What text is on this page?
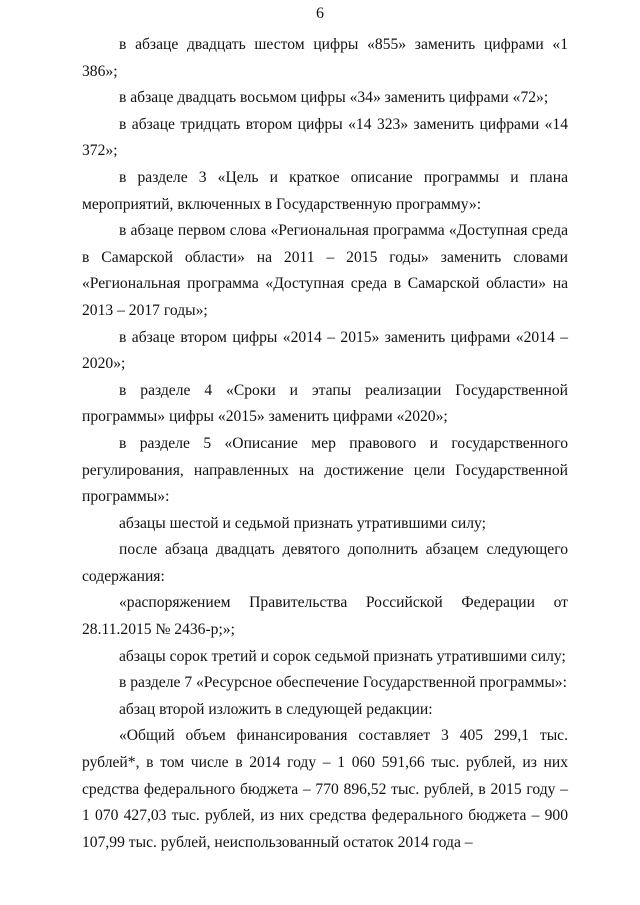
6

в абзаце двадцать шестом цифры «855» заменить цифрами «1 386»;

в абзаце двадцать восьмом цифры «34» заменить цифрами «72»;

в абзаце тридцать втором цифры «14 323» заменить цифрами «14 372»;

в разделе 3 «Цель и краткое описание программы и плана мероприятий, включенных в Государственную программу»:

в абзаце первом слова «Региональная программа «Доступная среда в Самарской области» на 2011 – 2015 годы» заменить словами «Региональная программа «Доступная среда в Самарской области» на 2013 – 2017 годы»;

в абзаце втором цифры «2014 – 2015» заменить цифрами «2014 – 2020»;

в разделе 4 «Сроки и этапы реализации Государственной программы» цифры «2015» заменить цифрами «2020»;

в разделе 5 «Описание мер правового и государственного регулирования, направленных на достижение цели Государственной программы»:

абзацы шестой и седьмой признать утратившими силу;

после абзаца двадцать девятого дополнить абзацем следующего содержания:

«распоряжением Правительства Российской Федерации от 28.11.2015 № 2436-р;»;

абзацы сорок третий и сорок седьмой признать утратившими силу;

в разделе 7 «Ресурсное обеспечение Государственной программы»:

абзац второй изложить в следующей редакции:

«Общий объем финансирования составляет 3 405 299,1 тыс. рублей*, в том числе в 2014 году – 1 060 591,66 тыс. рублей, из них средства федерального бюджета – 770 896,52 тыс. рублей, в 2015 году – 1 070 427,03 тыс. рублей, из них средства федерального бюджета – 900 107,99 тыс. рублей, неиспользованный остаток 2014 года –
